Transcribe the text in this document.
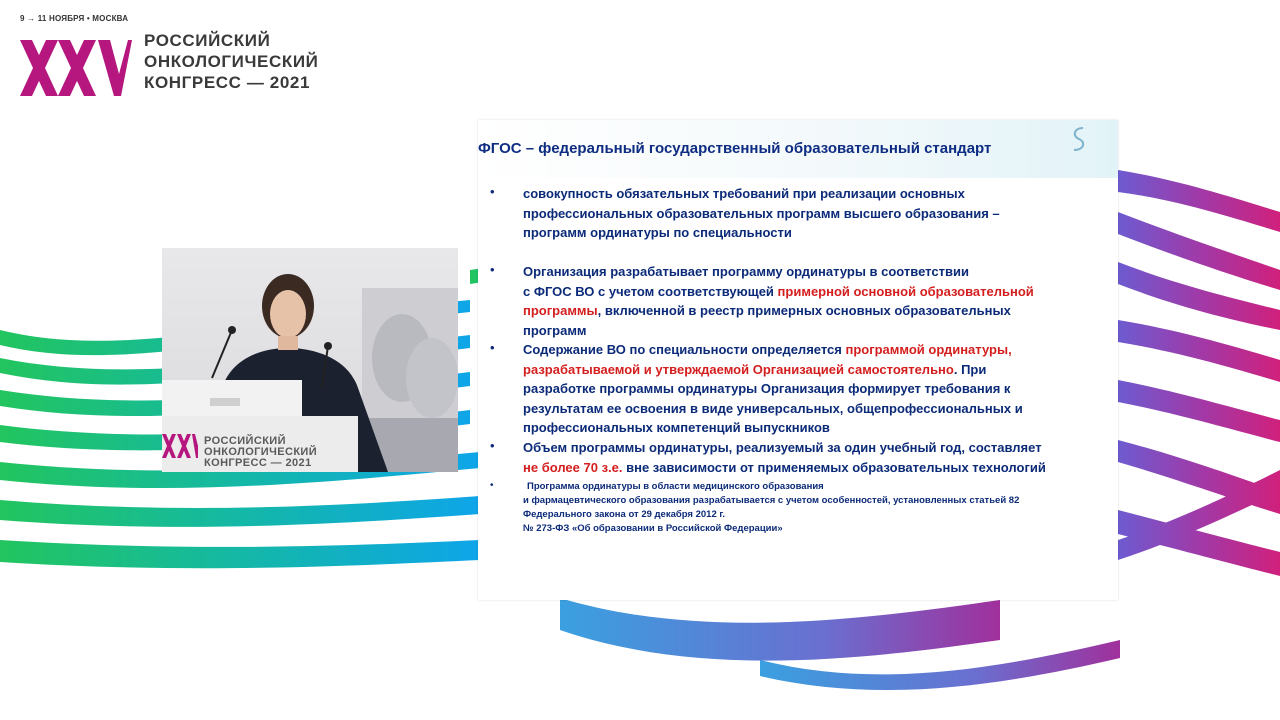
9 → 11 НОЯБРЯ • МОСКВА
РОССИЙСКИЙ
ОНКОЛОГИЧЕСКИЙ
КОНГРЕСС — 2021
РОССИЙСКИЙ
ОНКОЛОГИЧЕСКИЙ
КОНГРЕСС — 2021
ФГОС – федеральный государственный образовательный стандарт
• совокупность обязательных требований при реализации основных
профессиональных образовательных программ высшего образования –
программ ординатуры по специальности
• Организация разрабатывает программу ординатуры в соответствии
с ФГОС ВО с учетом соответствующей примерной основной образовательной
программы, включенной в реестр примерных основных образовательных
программ
• Содержание ВО по специальности определяется программой ординатуры,
разрабатываемой и утверждаемой Организацией самостоятельно. При
разработке программы ординатуры Организация формирует требования к
результатам ее освоения в виде универсальных, общепрофессиональных и
профессиональных компетенций выпускников
• Объем программы ординатуры, реализуемый за один учебный год, составляет
не более 70 з.е. вне зависимости от применяемых образовательных технологий
•	Программа ординатуры в области медицинского образования
и фармацевтического образования разрабатывается с учетом особенностей, установленных статьей 82
Федерального закона от 29 декабря 2012 г.
№ 273-ФЗ «Об образовании в Российской Федерации»
